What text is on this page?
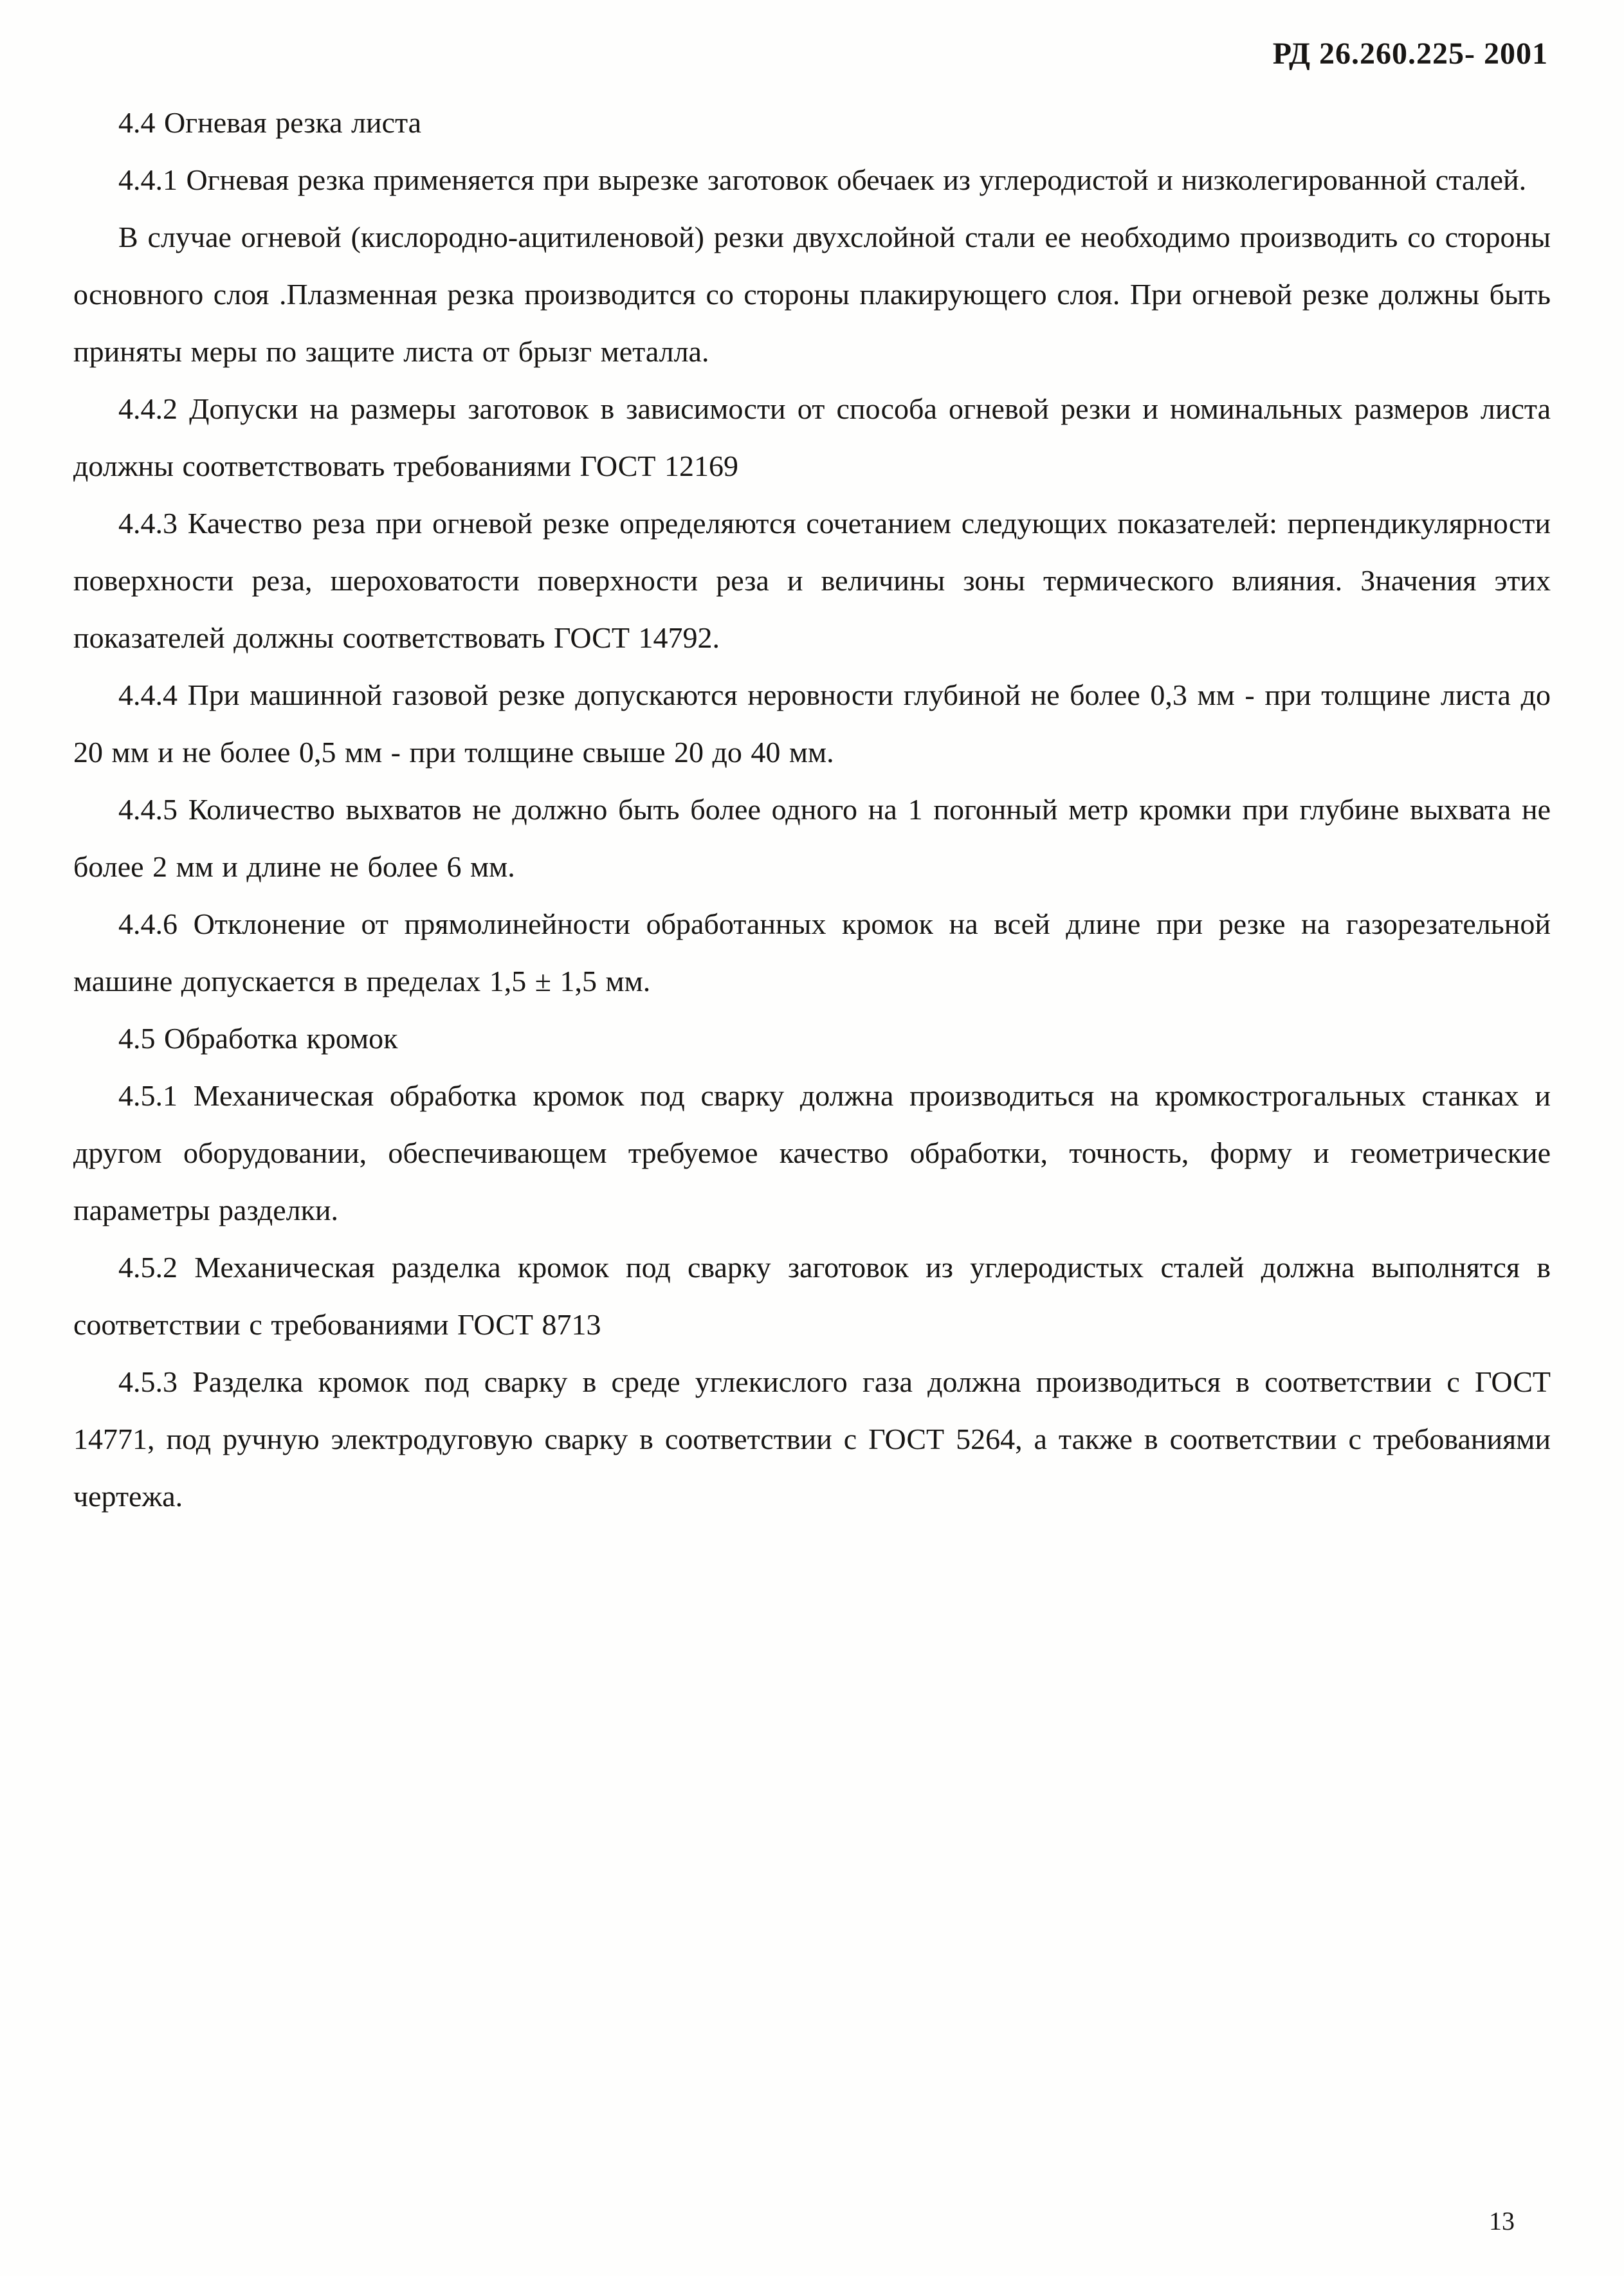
РД 26.260.225- 2001

4.4 Огневая резка листа

4.4.1 Огневая резка применяется при вырезке заготовок обечаек из углеродистой и низколегированной сталей.

В случае огневой (кислородно-ацитиленовой) резки двухслойной стали ее необходимо производить со стороны основного слоя .Плазменная резка производится со стороны плакирующего слоя. При огневой резке должны быть приняты меры по защите листа от брызг металла.

4.4.2 Допуски на размеры заготовок в зависимости от способа огневой резки и номинальных размеров листа должны соответствовать требованиями ГОСТ 12169

4.4.3 Качество реза при огневой резке определяются сочетанием следующих показателей: перпендикулярности поверхности реза, шероховатости поверхности реза и величины зоны термического влияния. Значения этих показателей должны соответствовать ГОСТ 14792.

4.4.4 При машинной газовой резке допускаются неровности глубиной не более 0,3 мм - при толщине листа до 20 мм и не более 0,5 мм - при толщине свыше 20 до 40 мм.

4.4.5 Количество выхватов не должно быть более одного на 1 погонный метр кромки при глубине выхвата не более 2 мм и длине не более 6 мм.

4.4.6 Отклонение от прямолинейности обработанных кромок на всей длине при резке на газорезательной машине допускается в пределах 1,5 ± 1,5 мм.

4.5 Обработка кромок

4.5.1 Механическая обработка кромок под сварку должна производиться на кромкострогальных станках и другом оборудовании, обеспечивающем требуемое качество обработки, точность, форму и геометрические параметры разделки.

4.5.2 Механическая разделка кромок под сварку заготовок из углеродистых сталей должна выполнятся в соответствии с требованиями ГОСТ 8713

4.5.3 Разделка кромок под сварку в среде углекислого газа должна производиться в соответствии с ГОСТ 14771, под ручную электродуговую сварку в соответствии с ГОСТ 5264, а также в соответствии с требованиями чертежа.

13
